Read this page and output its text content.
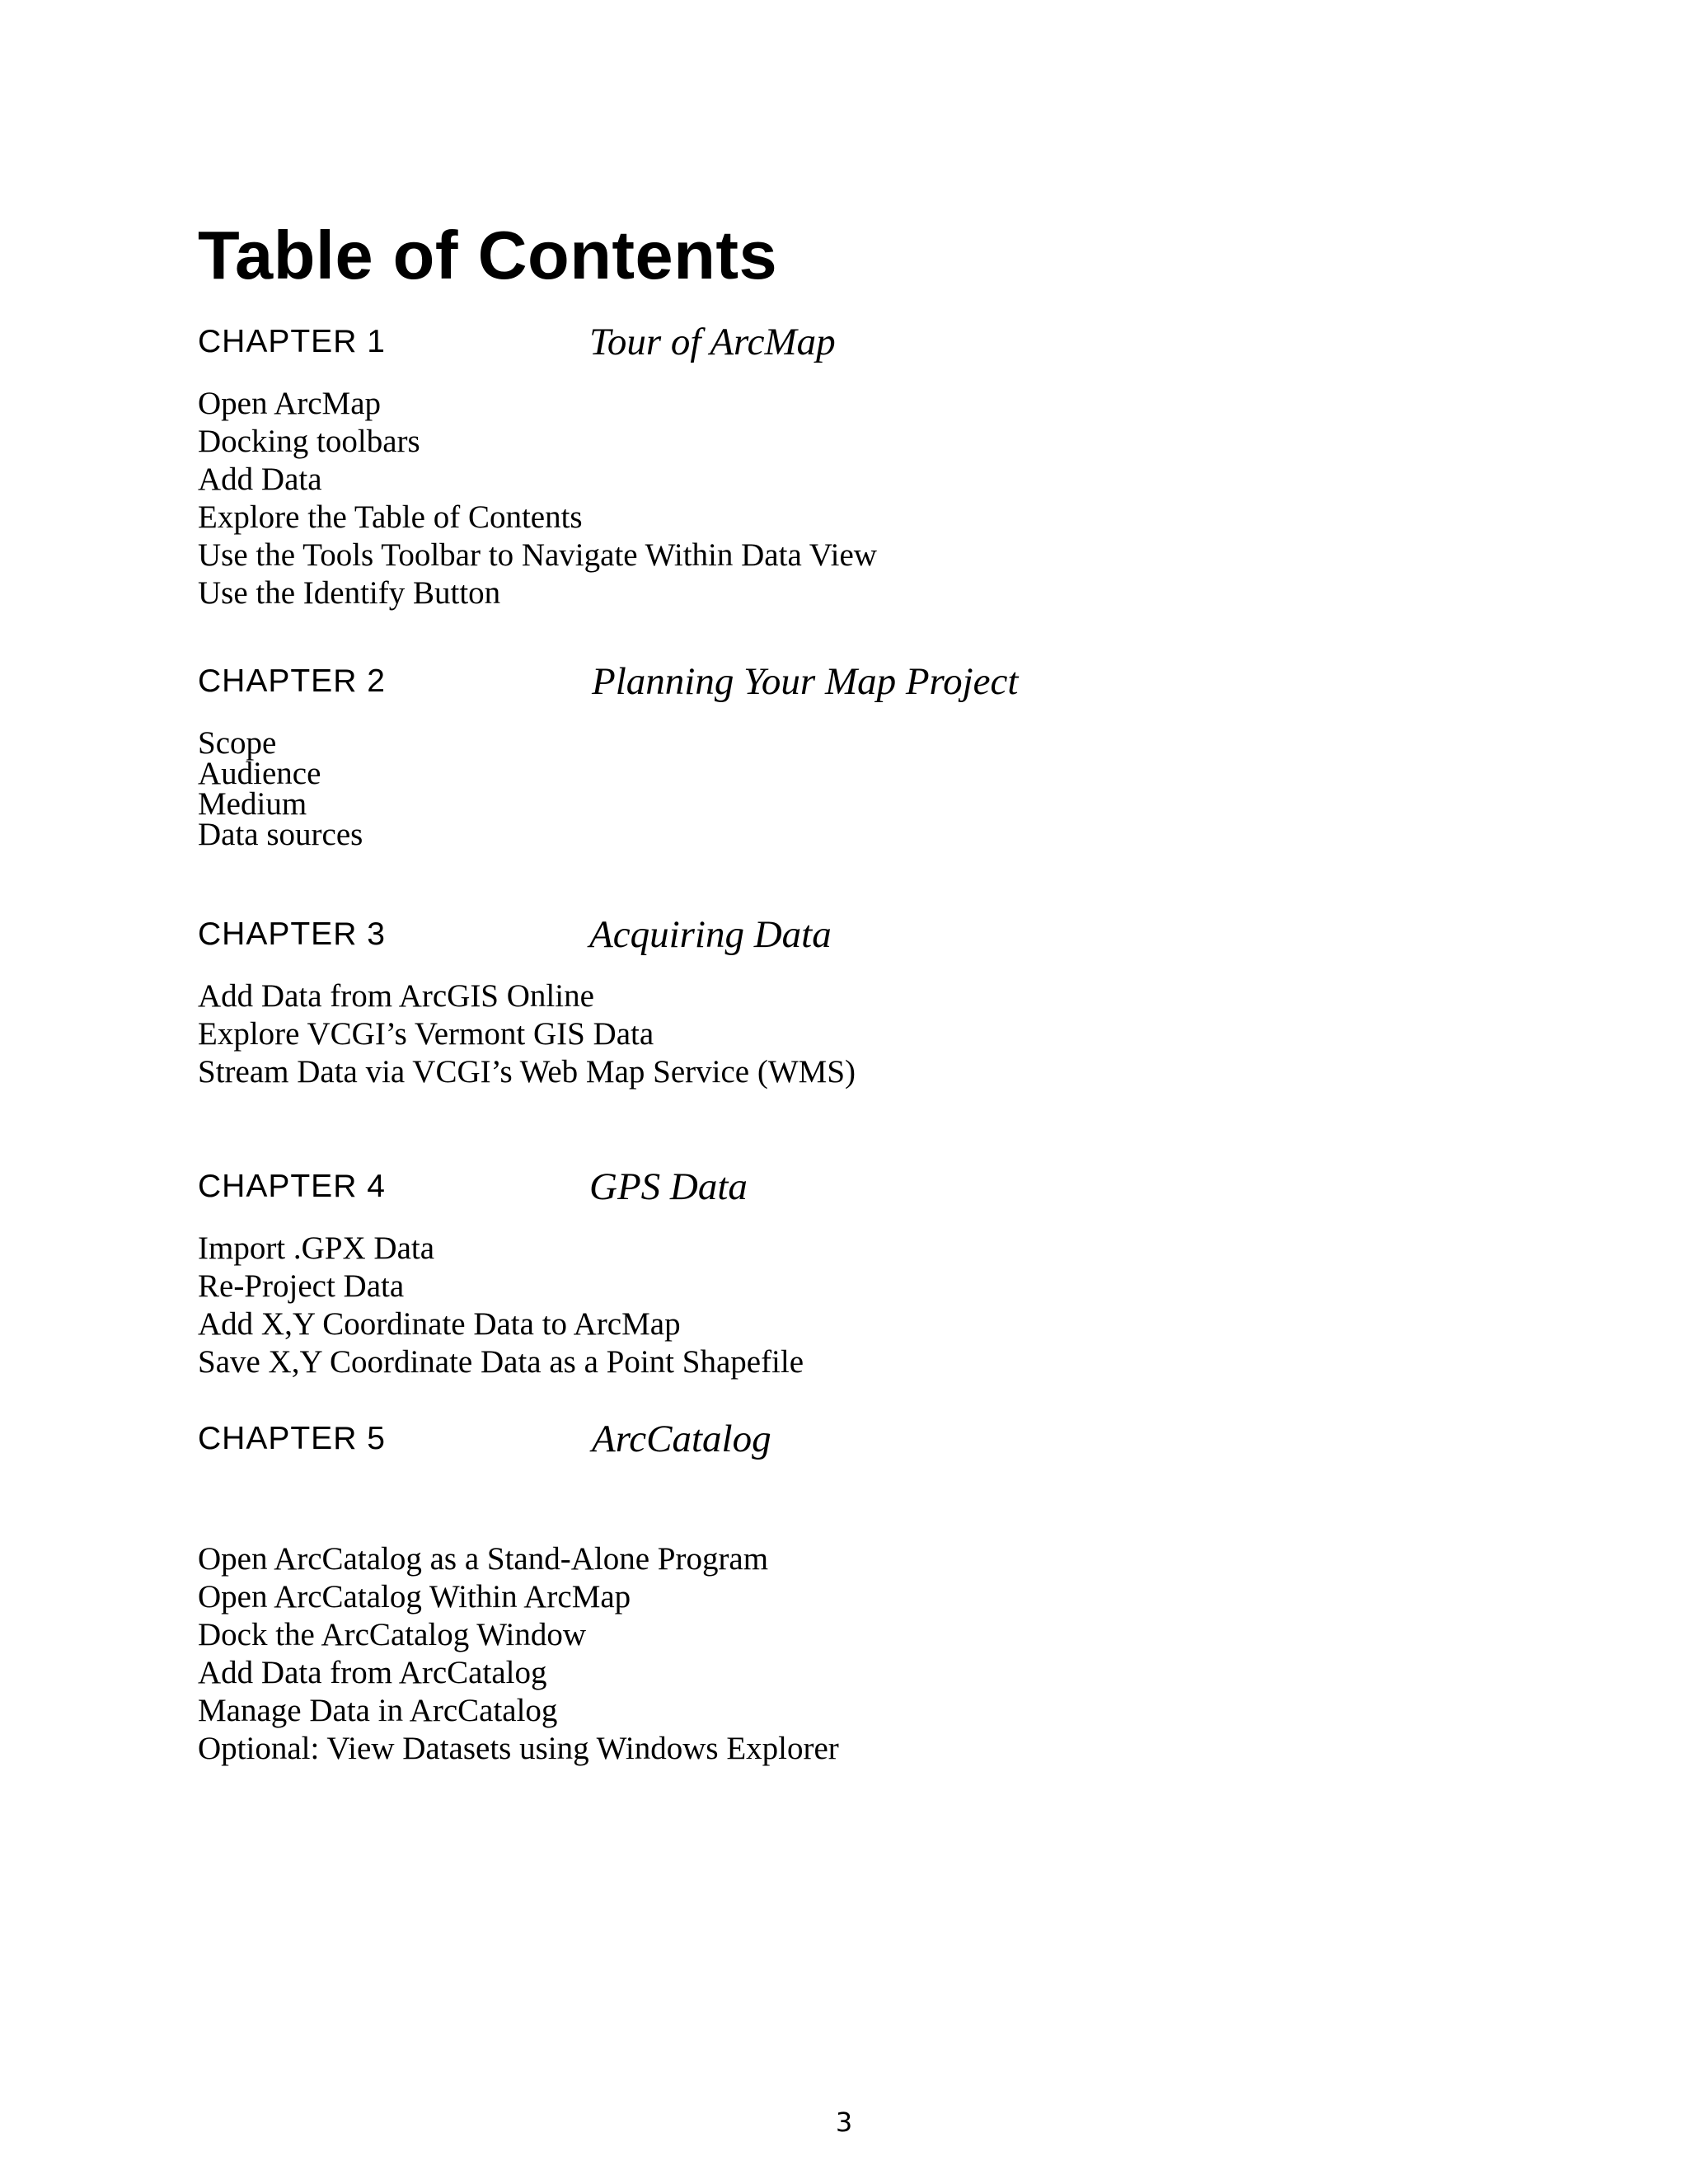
Table of Contents
CHAPTER 1	Tour of ArcMap
Open ArcMap
Docking toolbars
Add Data
Explore the Table of Contents
Use the Tools Toolbar to Navigate Within Data View
Use the Identify Button
CHAPTER 2	Planning Your Map Project
Scope
Audience
Medium
Data sources
CHAPTER 3	Acquiring Data
Add Data from ArcGIS Online
Explore VCGI’s Vermont GIS Data
Stream Data via VCGI’s Web Map Service (WMS)
CHAPTER 4	GPS Data
Import .GPX Data
Re-Project Data
Add X,Y Coordinate Data to ArcMap
Save X,Y Coordinate Data as a Point Shapefile
CHAPTER 5	ArcCatalog
Open ArcCatalog as a Stand-Alone Program
Open ArcCatalog Within ArcMap
Dock the ArcCatalog Window
Add Data from ArcCatalog
Manage Data in ArcCatalog
Optional: View Datasets using Windows Explorer
3
